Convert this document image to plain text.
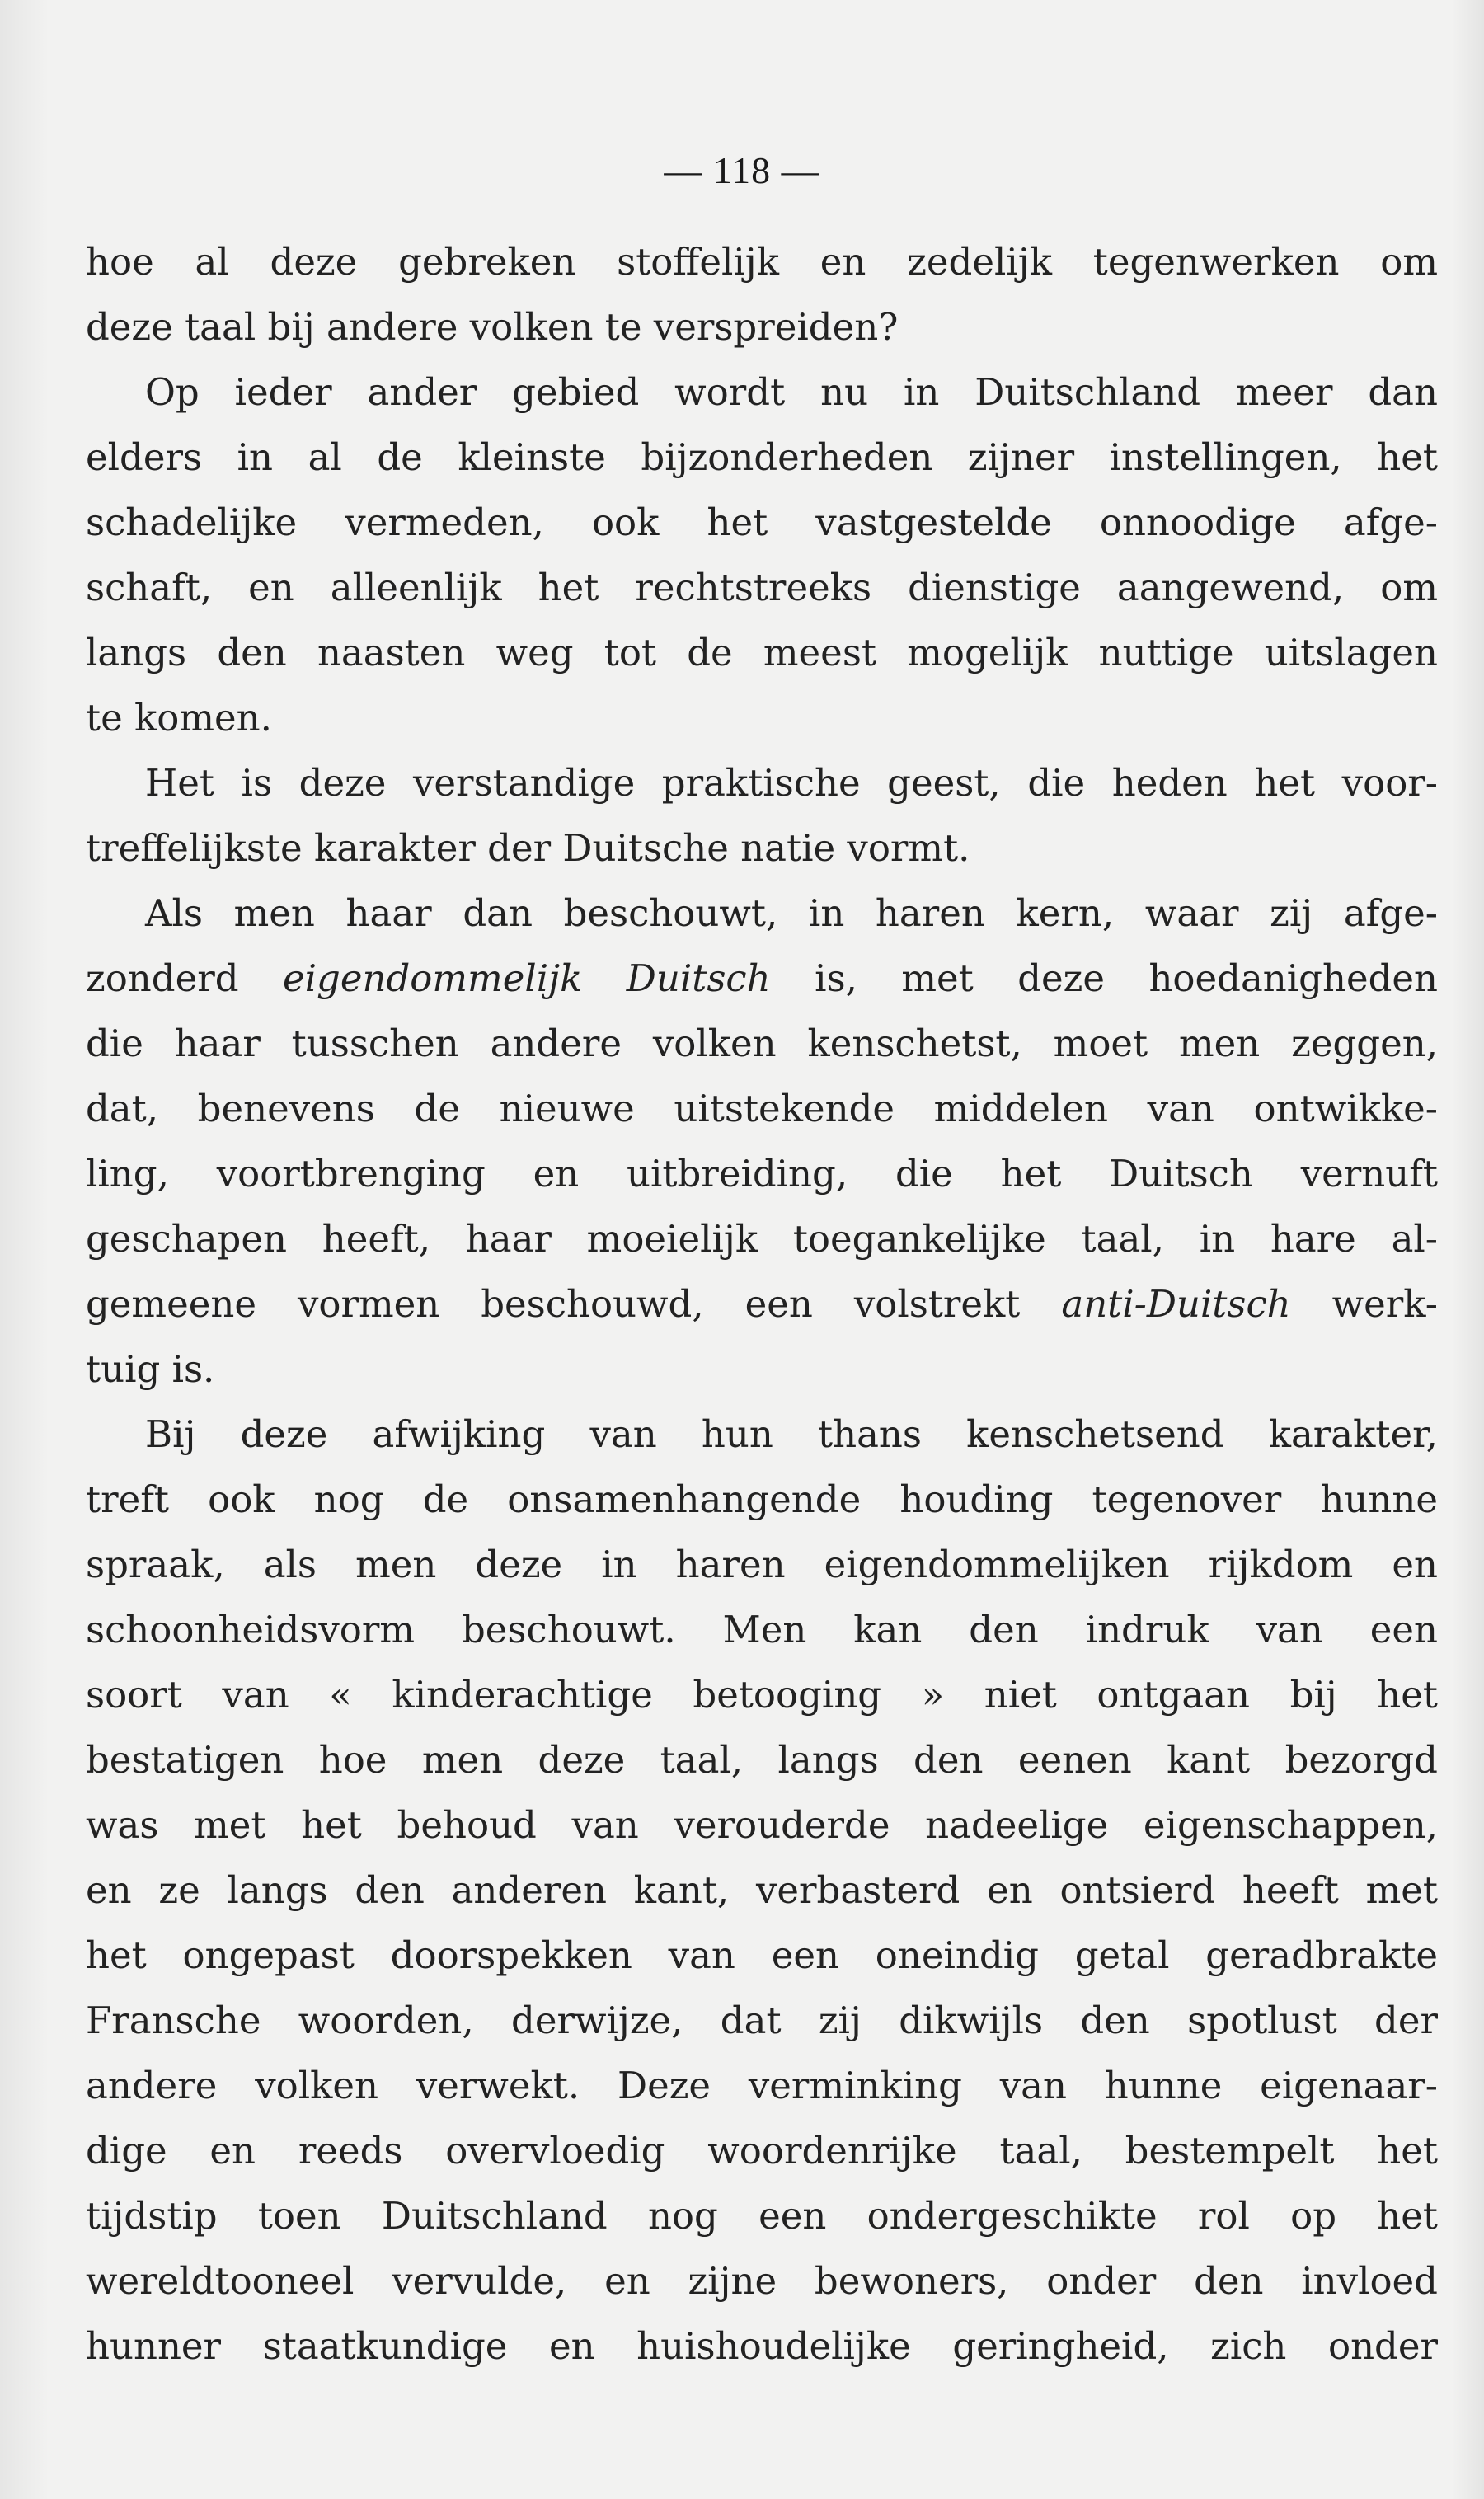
— 118 —
hoe al deze gebreken stoffelijk en zedelijk tegenwerken om
deze taal bij andere volken te verspreiden?
Op ieder ander gebied wordt nu in Duitschland meer dan
elders in al de kleinste bijzonderheden zijner instellingen, het
schadelijke vermeden, ook het vastgestelde onnoodige afge-
schaft, en alleenlijk het rechtstreeks dienstige aangewend, om
langs den naasten weg tot de meest mogelijk nuttige uitslagen
te komen.
Het is deze verstandige praktische geest, die heden het voor-
treffelijkste karakter der Duitsche natie vormt.
Als men haar dan beschouwt, in haren kern, waar zij afge-
zonderd eigendommelijk Duitsch is, met deze hoedanigheden
die haar tusschen andere volken kenschetst, moet men zeggen,
dat, benevens de nieuwe uitstekende middelen van ontwikke-
ling, voortbrenging en uitbreiding, die het Duitsch vernuft
geschapen heeft, haar moeielijk toegankelijke taal, in hare al-
gemeene vormen beschouwd, een volstrekt anti-Duitsch werk-
tuig is.
Bij deze afwijking van hun thans kenschetsend karakter,
treft ook nog de onsamenhangende houding tegenover hunne
spraak, als men deze in haren eigendommelijken rijkdom en
schoonheidsvorm beschouwt. Men kan den indruk van een
soort van « kinderachtige betooging » niet ontgaan bij het
bestatigen hoe men deze taal, langs den eenen kant bezorgd
was met het behoud van verouderde nadeelige eigenschappen,
en ze langs den anderen kant, verbasterd en ontsierd heeft met
het ongepast doorspekken van een oneindig getal geradbrakte
Fransche woorden, derwijze, dat zij dikwijls den spotlust der
andere volken verwekt. Deze verminking van hunne eigenaar-
dige en reeds overvloedig woordenrijke taal, bestempelt het
tijdstip toen Duitschland nog een ondergeschikte rol op het
wereldtooneel vervulde, en zijne bewoners, onder den invloed
hunner staatkundige en huishoudelijke geringheid, zich onder
